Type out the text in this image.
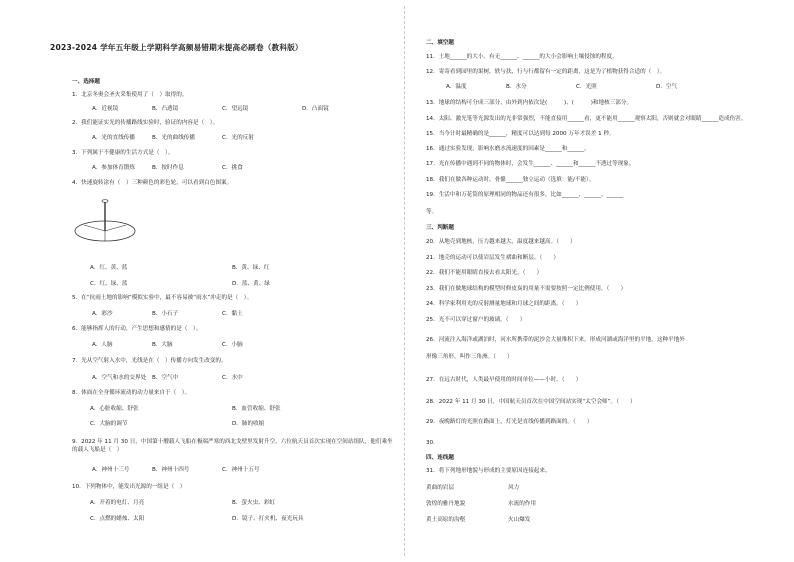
2023-2024 学年五年级上学期科学高频易错期末提高必刷卷（教科版）
一、选择题
1．北京冬奥会圣火采集使用了（　）取得的。
A．近视镜	B．凸透镜	C．望远镜	D．凸面镜
2．我们能证实光的传播路线实验时，验证的内容是（　）。
A．光的直线传播	B．光的曲线传播	C．光的反射
3．下列属于不健康的生活方式是（　）。
A．参加体育锻炼	B．按时作息	C．挑食
4．快速旋转涂有（　）三种颜色的彩色轮，可以看到白色图案。
A．红、黄、蓝	B．黄、绿、红
C．红、绿、蓝	D．蓝、黄、绿
5．在“抗雨土地的影响”模拟实验中，最不容易被“雨水”冲走的是（　）。
A．彩沙	B．小石子	C．黏土
6．能够指挥人的行动，产生思想和感情的是（　）。
A．人脑	B．大脑	C．小脑
7．光从空气射入水中，光线是在（　）传播方向发生改变的。
A．空气和水的交界处 B．空气中	C．水中
8．体面在全身循环流动的动力量来自于（　）。
A．心脏收缩、舒张	B．血管收缩、舒张
C．大脑的调节	D．肺的收缩
9．2022 年 11 月 30 日，中国第十艘载人飞船在极端严寒的西北戈壁里发射升空，六位航天员首次实现在空间站组队，他们乘坐的载人飞船是（　）
A．神州十三号	B．神州十四号	C．神州十五号
10．下列物体中，能发出光源的一组是（　）
A．开着的电灯、月亮	B．萤火虫、彩虹
C．点燃的蜡烛、太阳	D．镜子、打火机、夜光玩具
二、填空题
11．土地______的大小、有无______、______的大小会影响土壤侵蚀的程度。
12．寄寄看到园里的果树，轶与扶、行与行都留有一定的距离，这是为了植物获得合适的（　）。
A．温度	B．水分	C．光照	D．空气
13．地球的结构可分成三部分，由外到内依次是(　　　)、(　　　)和地核三部分。
14．太阳、激光笔等光源发出的光非常强烈，不能直接用______看，更不能用______观察太阳，否则就会对眼睛______造成伤害。
15．当今计时最精确的是______，精度可以达到每 2000 万年才误差 1 秒。
16．通过实验发现，影响水磨水流速度的因素是______和______。
17．光在传播中遇到不同的物体时，会发生______、______和______不透过等现象。
18．我们在做各种运动时，骨骼______独立运动（选填：能/不能）。
19．生活中和万花筒的原理相同的物品还有很多，比如______、______、______
等。
三、判断题
20．从地壳到地核，压力越来越大，温度越来越高。（　　）
21．地壳的运动可以使岩层发生褶曲和断层。（　　）
22．我们不能用眼睛直接去看太阳光。（　　）
23．我们在做地球结构的模型时修皮炭的用量不需要按照一定比例使用。（　　）
24．科学家利用光的反射测量地球和月球之间的距离。（　　）
25．光不可以穿过窗户的玻璃。（　　）
26．河流注入海洋或湖泊时，河水所携带的泥沙会大量堆积下来，形成河湖或海洋里的平地。这种平地外
形像三角形，叫作三角洲。（　　）
27．在远古时代，人类最早使用的时间单位——小时。（　　）
28．2022 年 11 月 30 日，中国航天员首次在中国空间站实现“太空会师”。（　　）
29．夜晚路灯的光照在路面上，灯光是直线传播到路面的。（　　）
30．
四、连线题
31．将下列地形地貌与形成的主要原因连接起来。
黄曲的岩层	风力
敦煌的雅丹地貌	水流的作用
黄土高原的沟壑	火山爆发
